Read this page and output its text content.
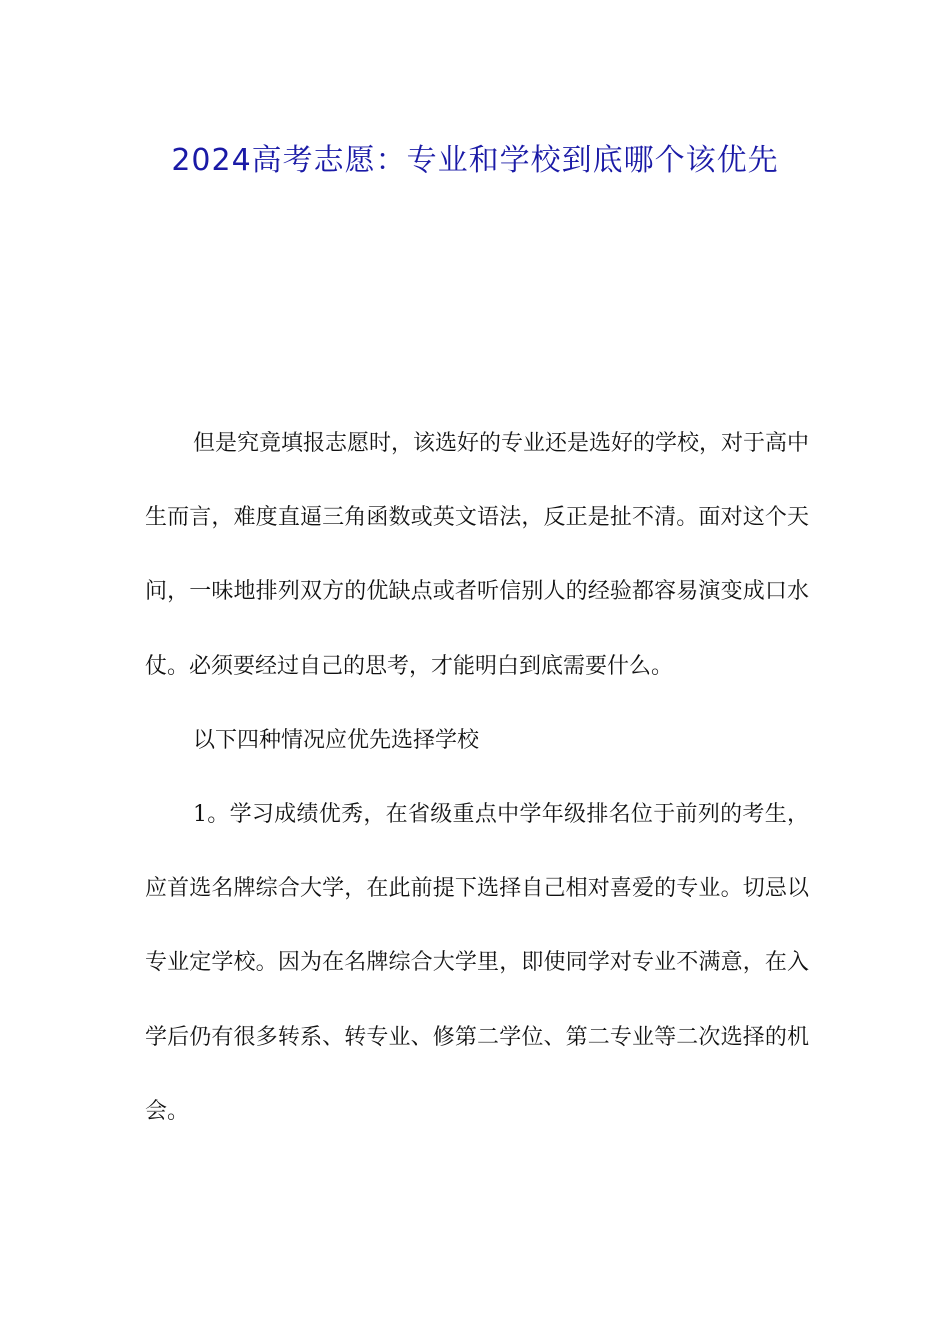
2024高考志愿：专业和学校到底哪个该优先

但是究竟填报志愿时，该选好的专业还是选好的学校，对于高中生而言，难度直逼三角函数或英文语法，反正是扯不清。面对这个天问，一味地排列双方的优缺点或者听信别人的经验都容易演变成口水仗。必须要经过自己的思考，才能明白到底需要什么。

以下四种情况应优先选择学校

1。学习成绩优秀，在省级重点中学年级排名位于前列的考生，应首选名牌综合大学，在此前提下选择自己相对喜爱的专业。切忌以专业定学校。因为在名牌综合大学里，即使同学对专业不满意，在入学后仍有很多转系、转专业、修第二学位、第二专业等二次选择的机会。
